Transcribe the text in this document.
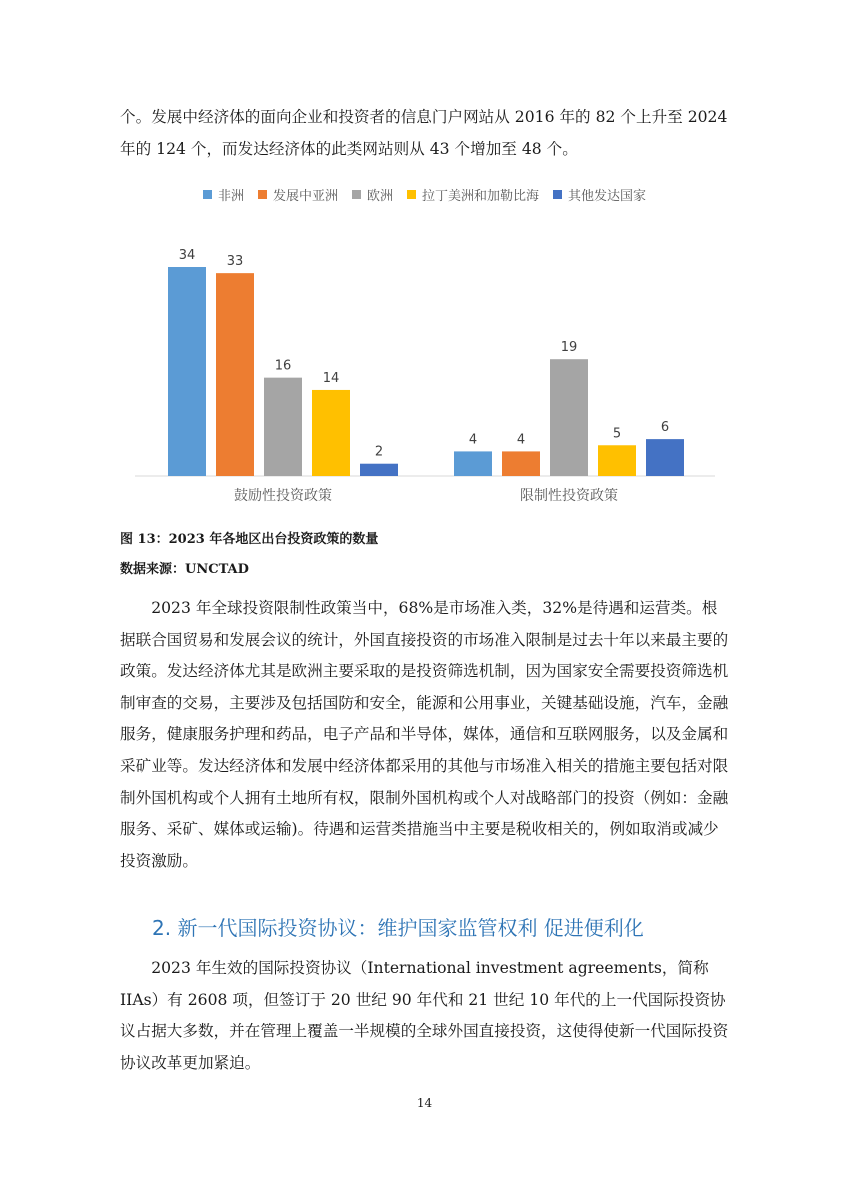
个。发展中经济体的面向企业和投资者的信息门户网站从 2016 年的 82 个上升至 2024 年的 124 个，而发达经济体的此类网站则从 43 个增加至 48 个。

非洲 发展中亚洲 欧洲 拉丁美洲和加勒比海 其他发达国家
34 33
16
14
2
鼓励性投资政策
4	4
19
5	6
限制性投资政策
图 13：2023 年各地区出台投资政策的数量
数据来源：UNCTAD

2023 年全球投资限制性政策当中，68%是市场准入类，32%是待遇和运营类。根据联合国贸易和发展会议的统计，外国直接投资的市场准入限制是过去十年以来最主要的政策。发达经济体尤其是欧洲主要采取的是投资筛选机制，因为国家安全需要投资筛选机制审查的交易，主要涉及包括国防和安全，能源和公用事业，关键基础设施，汽车，金融服务，健康服务护理和药品，电子产品和半导体，媒体，通信和互联网服务，以及金属和采矿业等。发达经济体和发展中经济体都采用的其他与市场准入相关的措施主要包括对限制外国机构或个人拥有土地所有权，限制外国机构或个人对战略部门的投资（例如：金融服务、采矿、媒体或运输)。待遇和运营类措施当中主要是税收相关的，例如取消或减少投资激励。

2. 新一代国际投资协议：维护国家监管权利 促进便利化

2023 年生效的国际投资协议（International investment agreements，简称 IIAs）有 2608 项，但签订于 20 世纪 90 年代和 21 世纪 10 年代的上一代国际投资协议占据大多数，并在管理上覆盖一半规模的全球外国直接投资，这使得使新一代国际投资协议改革更加紧迫。

14
